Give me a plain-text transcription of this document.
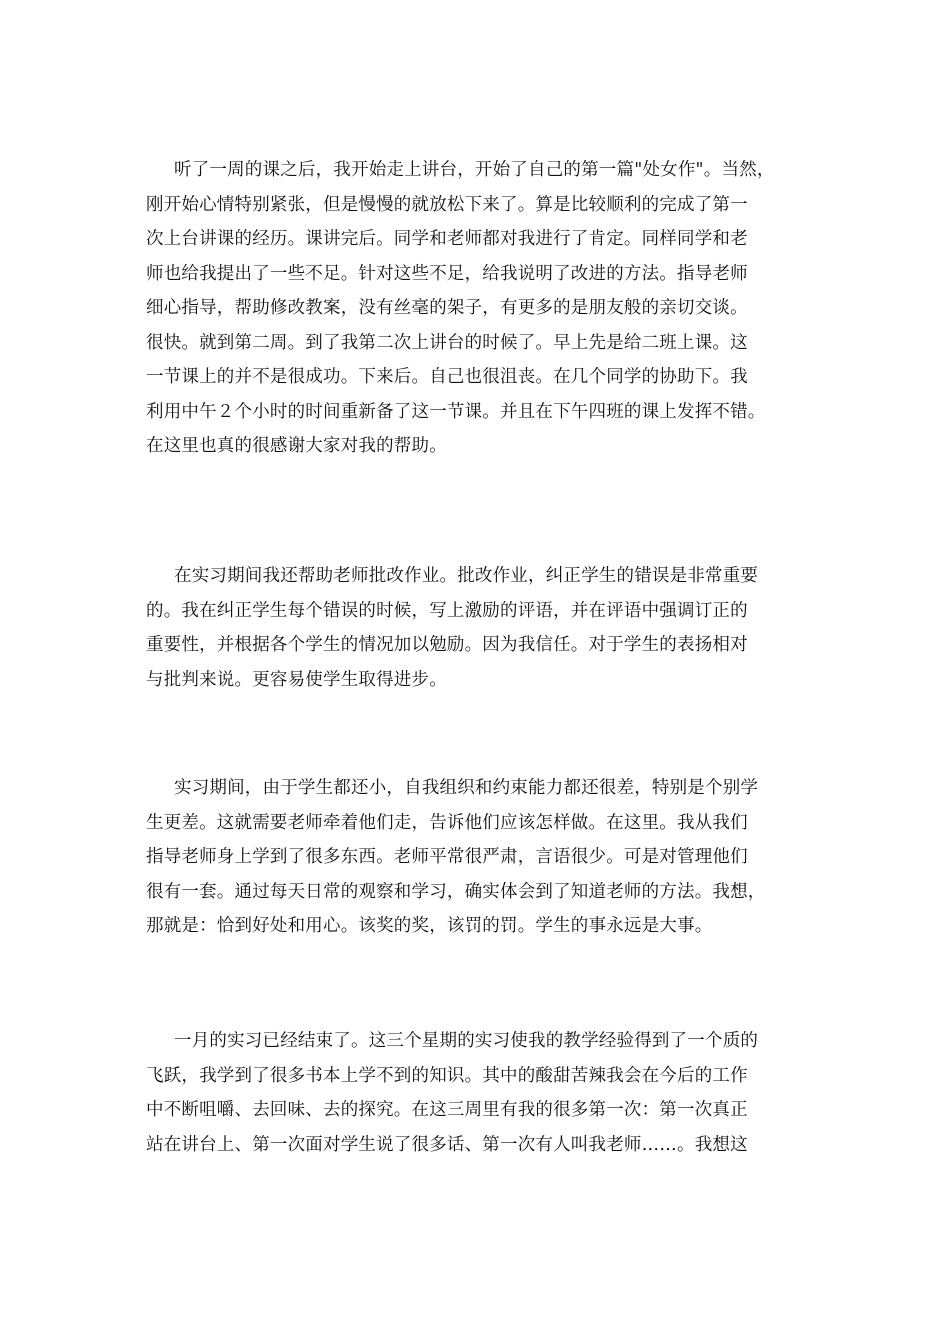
听了一周的课之后，我开始走上讲台，开始了自己的第一篇"处女作"。当然，
刚开始心情特别紧张，但是慢慢的就放松下来了。算是比较顺利的完成了第一
次上台讲课的经历。课讲完后。同学和老师都对我进行了肯定。同样同学和老
师也给我提出了一些不足。针对这些不足，给我说明了改进的方法。指导老师
细心指导，帮助修改教案，没有丝毫的架子，有更多的是朋友般的亲切交谈。
很快。就到第二周。到了我第二次上讲台的时候了。早上先是给二班上课。这
一节课上的并不是很成功。下来后。自己也很沮丧。在几个同学的协助下。我
利用中午２个小时的时间重新备了这一节课。并且在下午四班的课上发挥不错。
在这里也真的很感谢大家对我的帮助。
在实习期间我还帮助老师批改作业。批改作业，纠正学生的错误是非常重要
的。我在纠正学生每个错误的时候，写上激励的评语，并在评语中强调订正的
重要性，并根据各个学生的情况加以勉励。因为我信任。对于学生的表扬相对
与批判来说。更容易使学生取得进步。
实习期间，由于学生都还小，自我组织和约束能力都还很差，特别是个别学
生更差。这就需要老师牵着他们走，告诉他们应该怎样做。在这里。我从我们
指导老师身上学到了很多东西。老师平常很严肃，言语很少。可是对管理他们
很有一套。通过每天日常的观察和学习，确实体会到了知道老师的方法。我想，
那就是：恰到好处和用心。该奖的奖，该罚的罚。学生的事永远是大事。
一月的实习已经结束了。这三个星期的实习使我的教学经验得到了一个质的
飞跃，我学到了很多书本上学不到的知识。其中的酸甜苦辣我会在今后的工作
中不断咀嚼、去回味、去的探究。在这三周里有我的很多第一次：第一次真正
站在讲台上、第一次面对学生说了很多话、第一次有人叫我老师……。我想这
